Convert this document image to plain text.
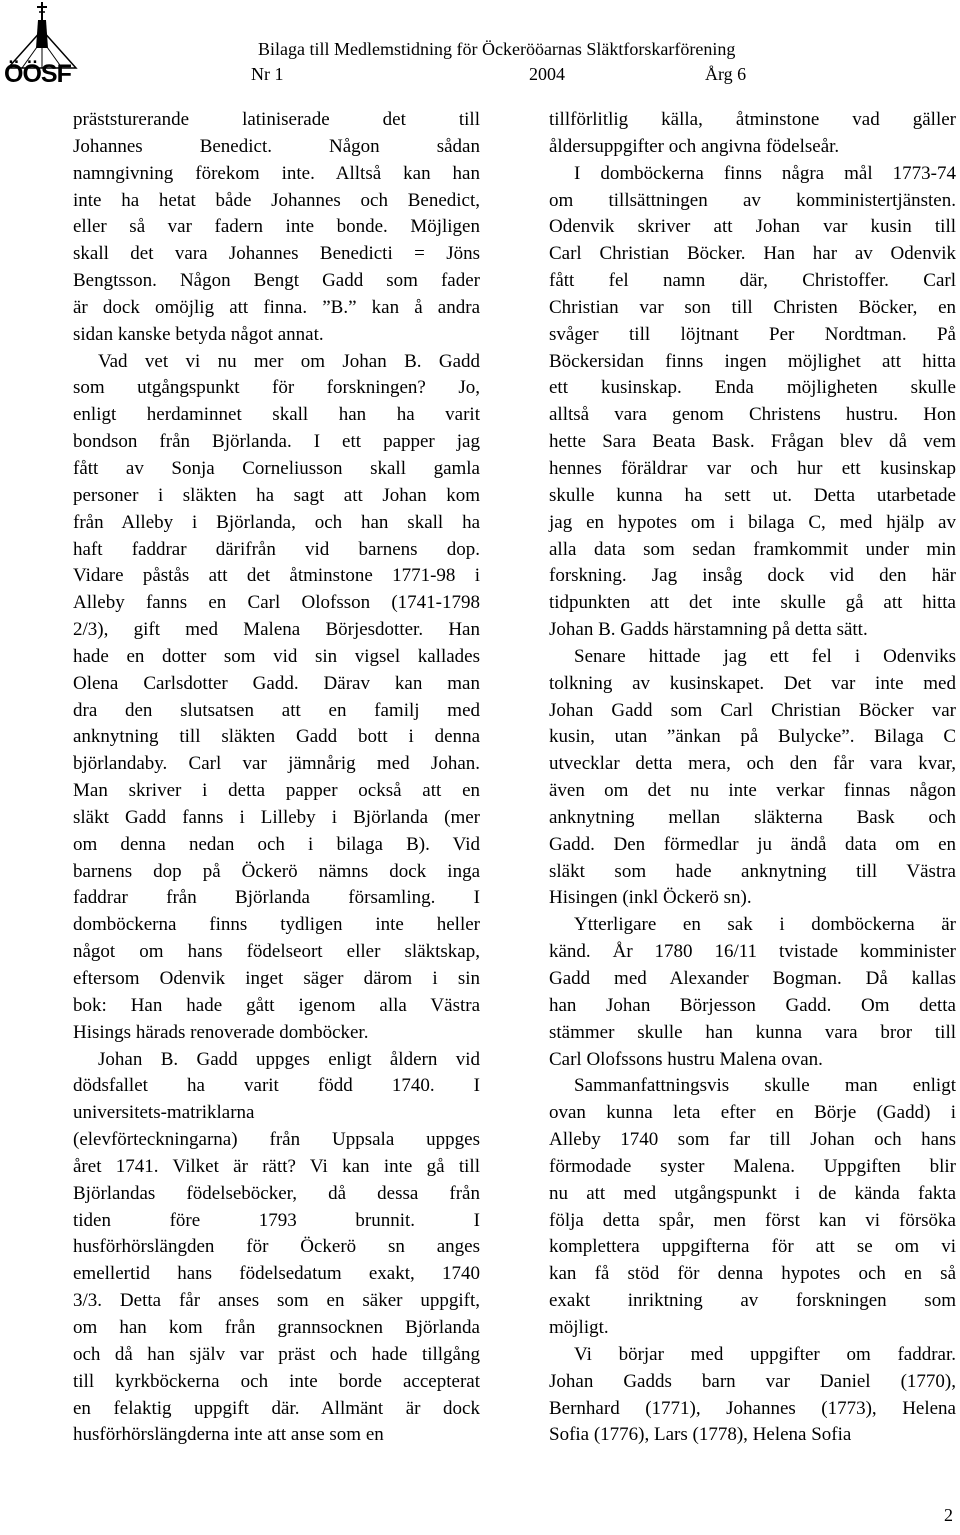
ÖÖSF
Bilaga till Medlemstidning för Öckerööarnas Släktforskarförening
Nr 1	2004	Årg 6
präststurerande latiniserade det till
Johannes Benedict. Någon sådan
namngivning förekom inte. Alltså kan han
inte ha hetat både Johannes och Benedict,
eller så var fadern inte bonde. Möjligen
skall det vara Johannes Benedicti = Jöns
Bengtsson. Någon Bengt Gadd som fader
är dock omöjlig att finna. ”B.” kan å andra
sidan kanske betyda något annat.
Vad vet vi nu mer om Johan B. Gadd
som utgångspunkt för forskningen? Jo,
enligt herdaminnet skall han ha varit
bondson från Björlanda. I ett papper jag
fått av Sonja Corneliusson skall gamla
personer i släkten ha sagt att Johan kom
från Alleby i Björlanda, och han skall ha
haft faddrar därifrån vid barnens dop.
Vidare påstås att det åtminstone 1771-98 i
Alleby fanns en Carl Olofsson (1741-1798
2/3), gift med Malena Börjesdotter. Han
hade en dotter som vid sin vigsel kallades
Olena Carlsdotter Gadd. Därav kan man
dra den slutsatsen att en familj med
anknytning till släkten Gadd bott i denna
björlandaby. Carl var jämnårig med Johan.
Man skriver i detta papper också att en
släkt Gadd fanns i Lilleby i Björlanda (mer
om denna nedan och i bilaga B). Vid
barnens dop på Öckerö nämns dock inga
faddrar från Björlanda församling. I
domböckerna finns tydligen inte heller
något om hans födelseort eller släktskap,
eftersom Odenvik inget säger därom i sin
bok: Han hade gått igenom alla Västra
Hisings härads renoverade domböcker.
Johan B. Gadd uppges enligt åldern vid
dödsfallet ha varit född 1740. I
universitets-matriklarna
(elevförteckningarna) från Uppsala uppges
året 1741. Vilket är rätt? Vi kan inte gå till
Björlandas födelseböcker, då dessa från
tiden före 1793 brunnit. I
husförhörslängden för Öckerö sn anges
emellertid hans födelsedatum exakt, 1740
3/3. Detta får anses som en säker uppgift,
om han kom från grannsocknen Björlanda
och då han själv var präst och hade tillgång
till kyrkböckerna och inte borde accepterat
en felaktig uppgift där. Allmänt är dock
husförhörslängderna inte att anse som en
tillförlitlig källa, åtminstone vad gäller
åldersuppgifter och angivna födelseår.
I domböckerna finns några mål 1773-74
om tillsättningen av komministertjänsten.
Odenvik skriver att Johan var kusin till
Carl Christian Böcker. Han har av Odenvik
fått fel namn där, Christoffer. Carl
Christian var son till Christen Böcker, en
svåger till löjtnant Per Nordtman. På
Böckersidan finns ingen möjlighet att hitta
ett kusinskap. Enda möjligheten skulle
alltså vara genom Christens hustru. Hon
hette Sara Beata Bask. Frågan blev då vem
hennes föräldrar var och hur ett kusinskap
skulle kunna ha sett ut. Detta utarbetade
jag en hypotes om i bilaga C, med hjälp av
alla data som sedan framkommit under min
forskning. Jag insåg dock vid den här
tidpunkten att det inte skulle gå att hitta
Johan B. Gadds härstamning på detta sätt.
Senare hittade jag ett fel i Odenviks
tolkning av kusinskapet. Det var inte med
Johan Gadd som Carl Christian Böcker var
kusin, utan ”änkan på Bulycke”. Bilaga C
utvecklar detta mera, och den får vara kvar,
även om det nu inte verkar finnas någon
anknytning mellan släkterna Bask och
Gadd. Den förmedlar ju ändå data om en
släkt som hade anknytning till Västra
Hisingen (inkl Öckerö sn).
Ytterligare en sak i domböckerna är
känd. År 1780 16/11 tvistade komminister
Gadd med Alexander Bogman. Då kallas
han Johan Börjesson Gadd. Om detta
stämmer skulle han kunna vara bror till
Carl Olofssons hustru Malena ovan.
Sammanfattningsvis skulle man enligt
ovan kunna leta efter en Börje (Gadd) i
Alleby 1740 som far till Johan och hans
förmodade syster Malena. Uppgiften blir
nu att med utgångspunkt i de kända fakta
följa detta spår, men först kan vi försöka
komplettera uppgifterna för att se om vi
kan få stöd för denna hypotes och en så
exakt inriktning av forskningen som
möjligt.
Vi börjar med uppgifter om faddrar.
Johan Gadds barn var Daniel (1770),
Bernhard (1771), Johannes (1773), Helena
Sofia (1776), Lars (1778), Helena Sofia
2
